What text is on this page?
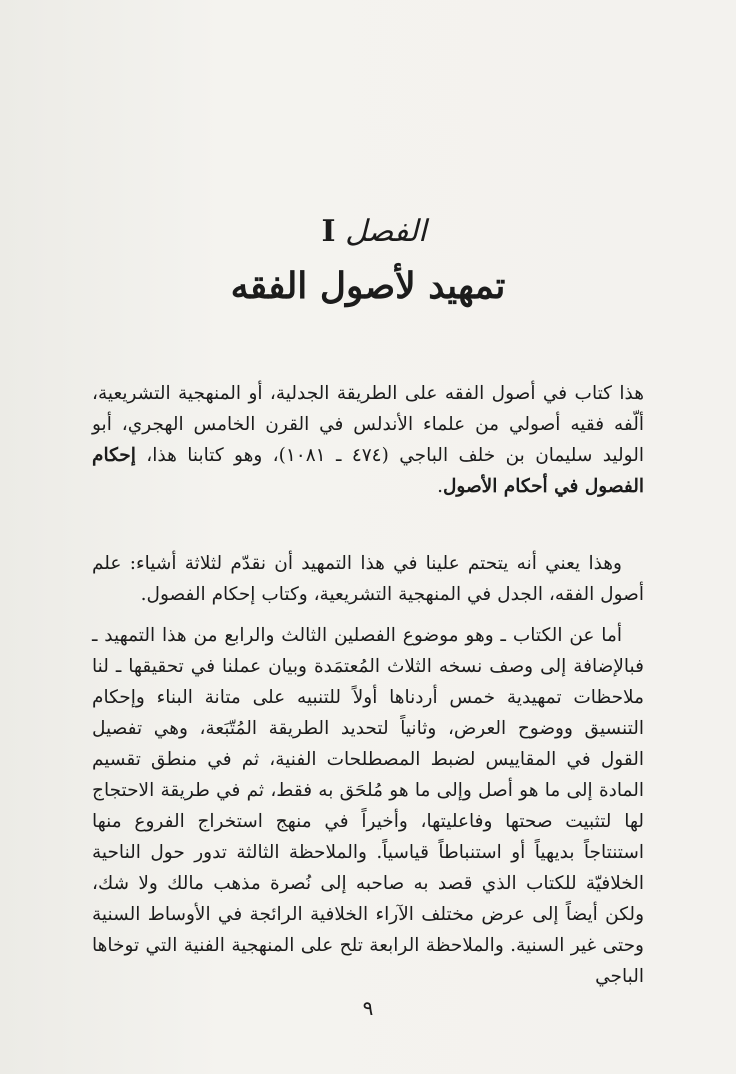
الفصل I
تمهيد لأصول الفقه
هذا كتاب في أصول الفقه على الطريقة الجدلية، أو المنهجية التشريعية، ألّفه فقيه أصولي من علماء الأندلس في القرن الخامس الهجري، أبو الوليد سليمان بن خلف الباجي (٤٧٤ ـ ١٠٨١)، وهو كتابنا هذا، إحكام الفصول في أحكام الأصول.
وهذا يعني أنه يتحتم علينا في هذا التمهيد أن نقدّم لثلاثة أشياء: علم أصول الفقه، الجدل في المنهجية التشريعية، وكتاب إحكام الفصول.
أما عن الكتاب ـ وهو موضوع الفصلين الثالث والرابع من هذا التمهيد ـ فبالإضافة إلى وصف نسخه الثلاث المُعتمَدة وبيان عملنا في تحقيقها ـ لنا ملاحظات تمهيدية خمس أردناها أولاً للتنبيه على متانة البناء وإحكام التنسيق ووضوح العرض، وثانياً لتحديد الطريقة المُتّبَعة، وهي تفصيل القول في المقاييس لضبط المصطلحات الفنية، ثم في منطق تقسيم المادة إلى ما هو أصل وإلى ما هو مُلحَق به فقط، ثم في طريقة الاحتجاج لها لتثبيت صحتها وفاعليتها، وأخيراً في منهج استخراج الفروع منها استنتاجاً بديهياً أو استنباطاً قياسياً. والملاحظة الثالثة تدور حول الناحية الخلافيّة للكتاب الذي قصد به صاحبه إلى نُصرة مذهب مالك ولا شك، ولكن أيضاً إلى عرض مختلف الآراء الخلافية الرائجة في الأوساط السنية وحتى غير السنية. والملاحظة الرابعة تلح على المنهجية الفنية التي توخاها الباجي
٩
